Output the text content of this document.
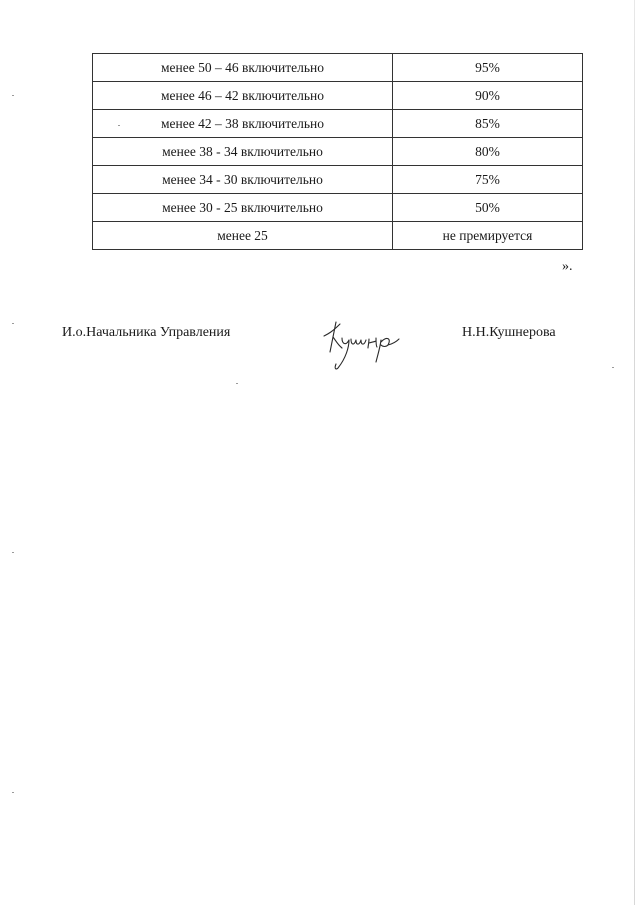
менее 50 – 46 включительно	95%
менее 46 – 42 включительно	90%
менее 42 – 38 включительно	85%
менее 38 - 34 включительно	80%
менее 34 - 30 включительно	75%
менее 30 - 25 включительно	50%
менее 25	не премируется
».
И.о.Начальника Управления	Н.Н.Кушнерова
